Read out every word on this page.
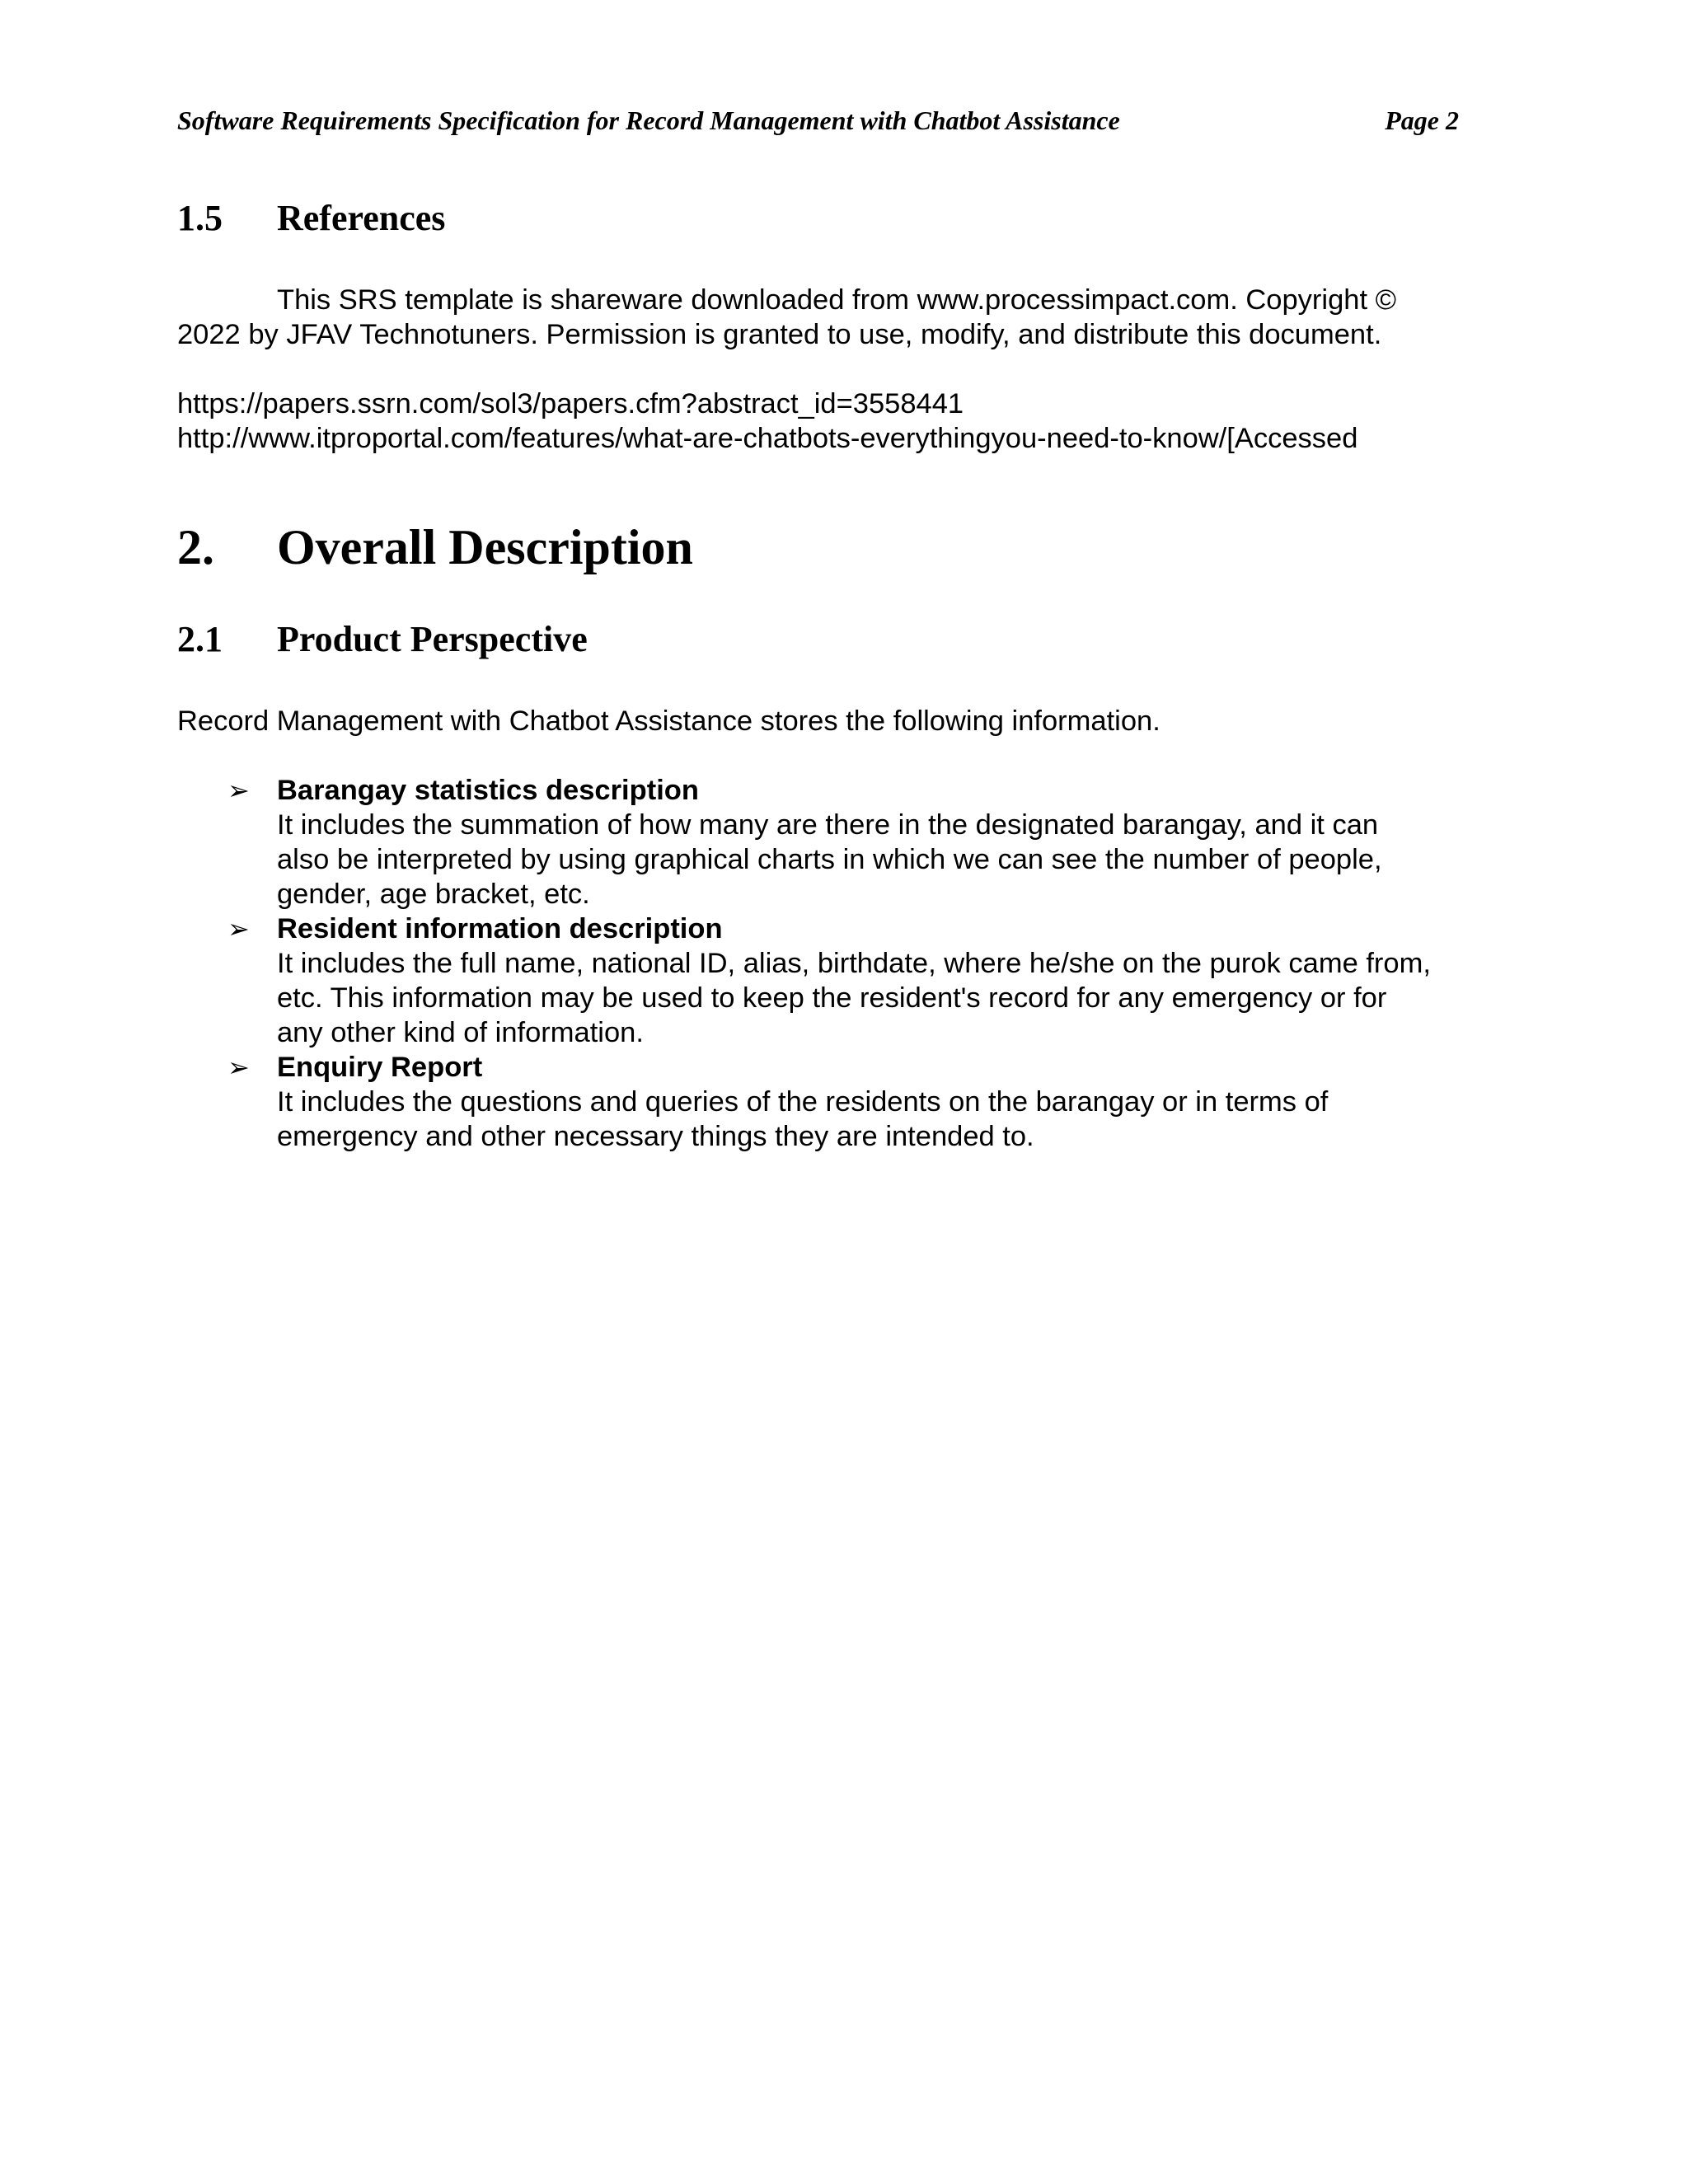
Software Requirements Specification for Record Management with Chatbot Assistance	Page 2
1.5 References
This SRS template is shareware downloaded from www.processimpact.com. Copyright ©
2022 by JFAV Technotuners. Permission is granted to use, modify, and distribute this document.
https://papers.ssrn.com/sol3/papers.cfm?abstract_id=3558441
http://www.itproportal.com/features/what-are-chatbots-everythingyou-need-to-know/[Accessed
2. Overall Description
2.1 Product Perspective
Record Management with Chatbot Assistance stores the following information.
➢ Barangay statistics description
It includes the summation of how many are there in the designated barangay, and it can
also be interpreted by using graphical charts in which we can see the number of people,
gender, age bracket, etc.
➢ Resident information description
It includes the full name, national ID, alias, birthdate, where he/she on the purok came from,
etc. This information may be used to keep the resident's record for any emergency or for
any other kind of information.
➢ Enquiry Report
It includes the questions and queries of the residents on the barangay or in terms of
emergency and other necessary things they are intended to.
